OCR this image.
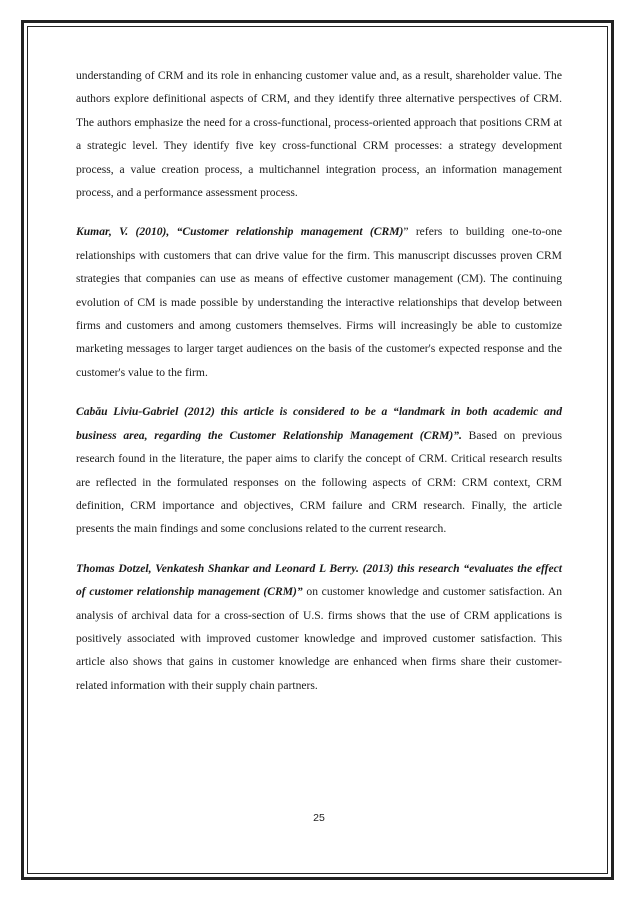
understanding of CRM and its role in enhancing customer value and, as a result, shareholder value. The authors explore definitional aspects of CRM, and they identify three alternative perspectives of CRM. The authors emphasize the need for a cross-functional, process-oriented approach that positions CRM at a strategic level. They identify five key cross-functional CRM processes: a strategy development process, a value creation process, a multichannel integration process, an information management process, and a performance assessment process.

Kumar, V. (2010), “Customer relationship management (CRM)” refers to building one-to-one relationships with customers that can drive value for the firm. This manuscript discusses proven CRM strategies that companies can use as means of effective customer management (CM). The continuing evolution of CM is made possible by understanding the interactive relationships that develop between firms and customers and among customers themselves. Firms will increasingly be able to customize marketing messages to larger target audiences on the basis of the customer's expected response and the customer's value to the firm.

Cabău Liviu-Gabriel (2012) this article is considered to be a “landmark in both academic and business area, regarding the Customer Relationship Management (CRM)”. Based on previous research found in the literature, the paper aims to clarify the concept of CRM. Critical research results are reflected in the formulated responses on the following aspects of CRM: CRM context, CRM definition, CRM importance and objectives, CRM failure and CRM research. Finally, the article presents the main findings and some conclusions related to the current research.

Thomas Dotzel, Venkatesh Shankar and Leonard L Berry. (2013) this research “evaluates the effect of customer relationship management (CRM)” on customer knowledge and customer satisfaction. An analysis of archival data for a cross-section of U.S. firms shows that the use of CRM applications is positively associated with improved customer knowledge and improved customer satisfaction. This article also shows that gains in customer knowledge are enhanced when firms share their customer-related information with their supply chain partners.

25
